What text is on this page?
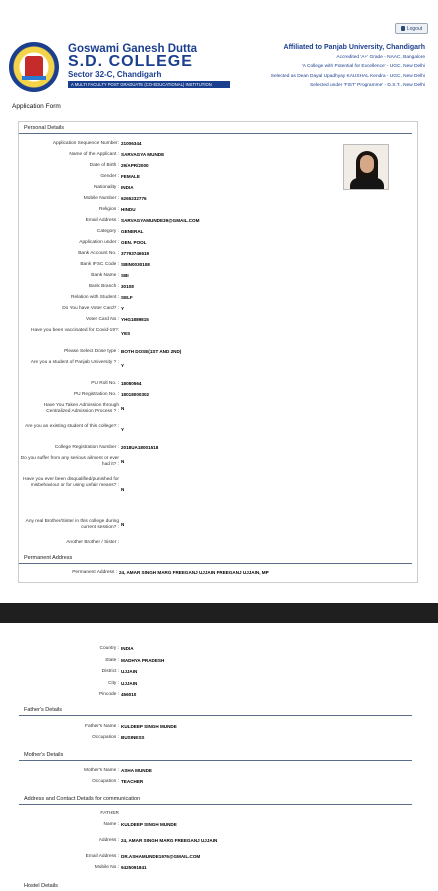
Logout
Goswami Ganesh Dutta
S.D. COLLEGE
Sector 32-C, Chandigarh
A MULTI FACULTY POST GRADUATE (CO-EDUCATIONAL) INSTITUTION
Affiliated to Panjab University, Chandigarh
Accredited 'A+' Grade - NAAC, Bangalore
'A College with Potential for Excellence' - UGC, New Delhi
Selected as Dean Dayal Upadhyay KAUSHAL Kendra - UGC, New Delhi
Selected under 'FIST' Programme' - D.S.T., New Delhi
Application Form
Personal Details
Application Sequence Number: 21006344
Name of the Applicant : SARVAGYA MUNDE
Date of Birth : 29/APR/2000
Gender : FEMALE
Nationality : INDIA
Mobile Number : 6265232776
Religion : HINDU
Email Address : SARVAGYAMUNDE39@GMAIL.COM
Category : GENERAL
Application under : GEN. POOL
Bank Account No. : 37793746519
Bank IFSC Code : SBIN0030108
Bank Name : SBI
Bank Branch : 30108
Relation with Student : SELF
Do You have Voter Card? : Y
Voter Card No : YHG1889815
Have you been vaccinated for Covid-19?:
YES
Please Select Dose type : BOTH DOSE(1ST AND 2ND)
Are you a student of Panjab University ? :
Y
PU Roll No. : 18080564
PU Registration No. : 18018000302
Have You Taken Admission through Centralized Admission Process ? :
N
Are you an existing student of this college? :
Y
College Registration Number : 2018UA18001518
Do you suffer from any serious ailment or ever had it? :
N
Have you ever been disqualified/punished for misbehaviour or for using unfair means? :
N
Any real Brother/Sister in this college during current session? :
N
Another Brother / Sister :
Permanent Address
Permanent Address : 24, AMAR SINGH MARG FREEGANJ UJJAIN FREEGANJ UJJAIN, MP
Country : INDIA
State : MADHYA PRADESH
District : UJJAIN
City : UJJAIN
Pincode : 456010
Father's Details
Father's Name : KULDEEP SINGH MUNDE
Occupation : BUSINESS
Mother's Details
Mother's Name : ASHA MUNDE
Occupation : TEACHER
Address and Contact Details for communication
FATHER
Name : KULDEEP SINGH MUNDE
Address : 24, AMAR SINGH MARG FREEGANJ UJJAIN
Email Address : DR.ASHAMUNDE1976@GMAIL.COM
Mobile No : 9425091841
Hostel Details
